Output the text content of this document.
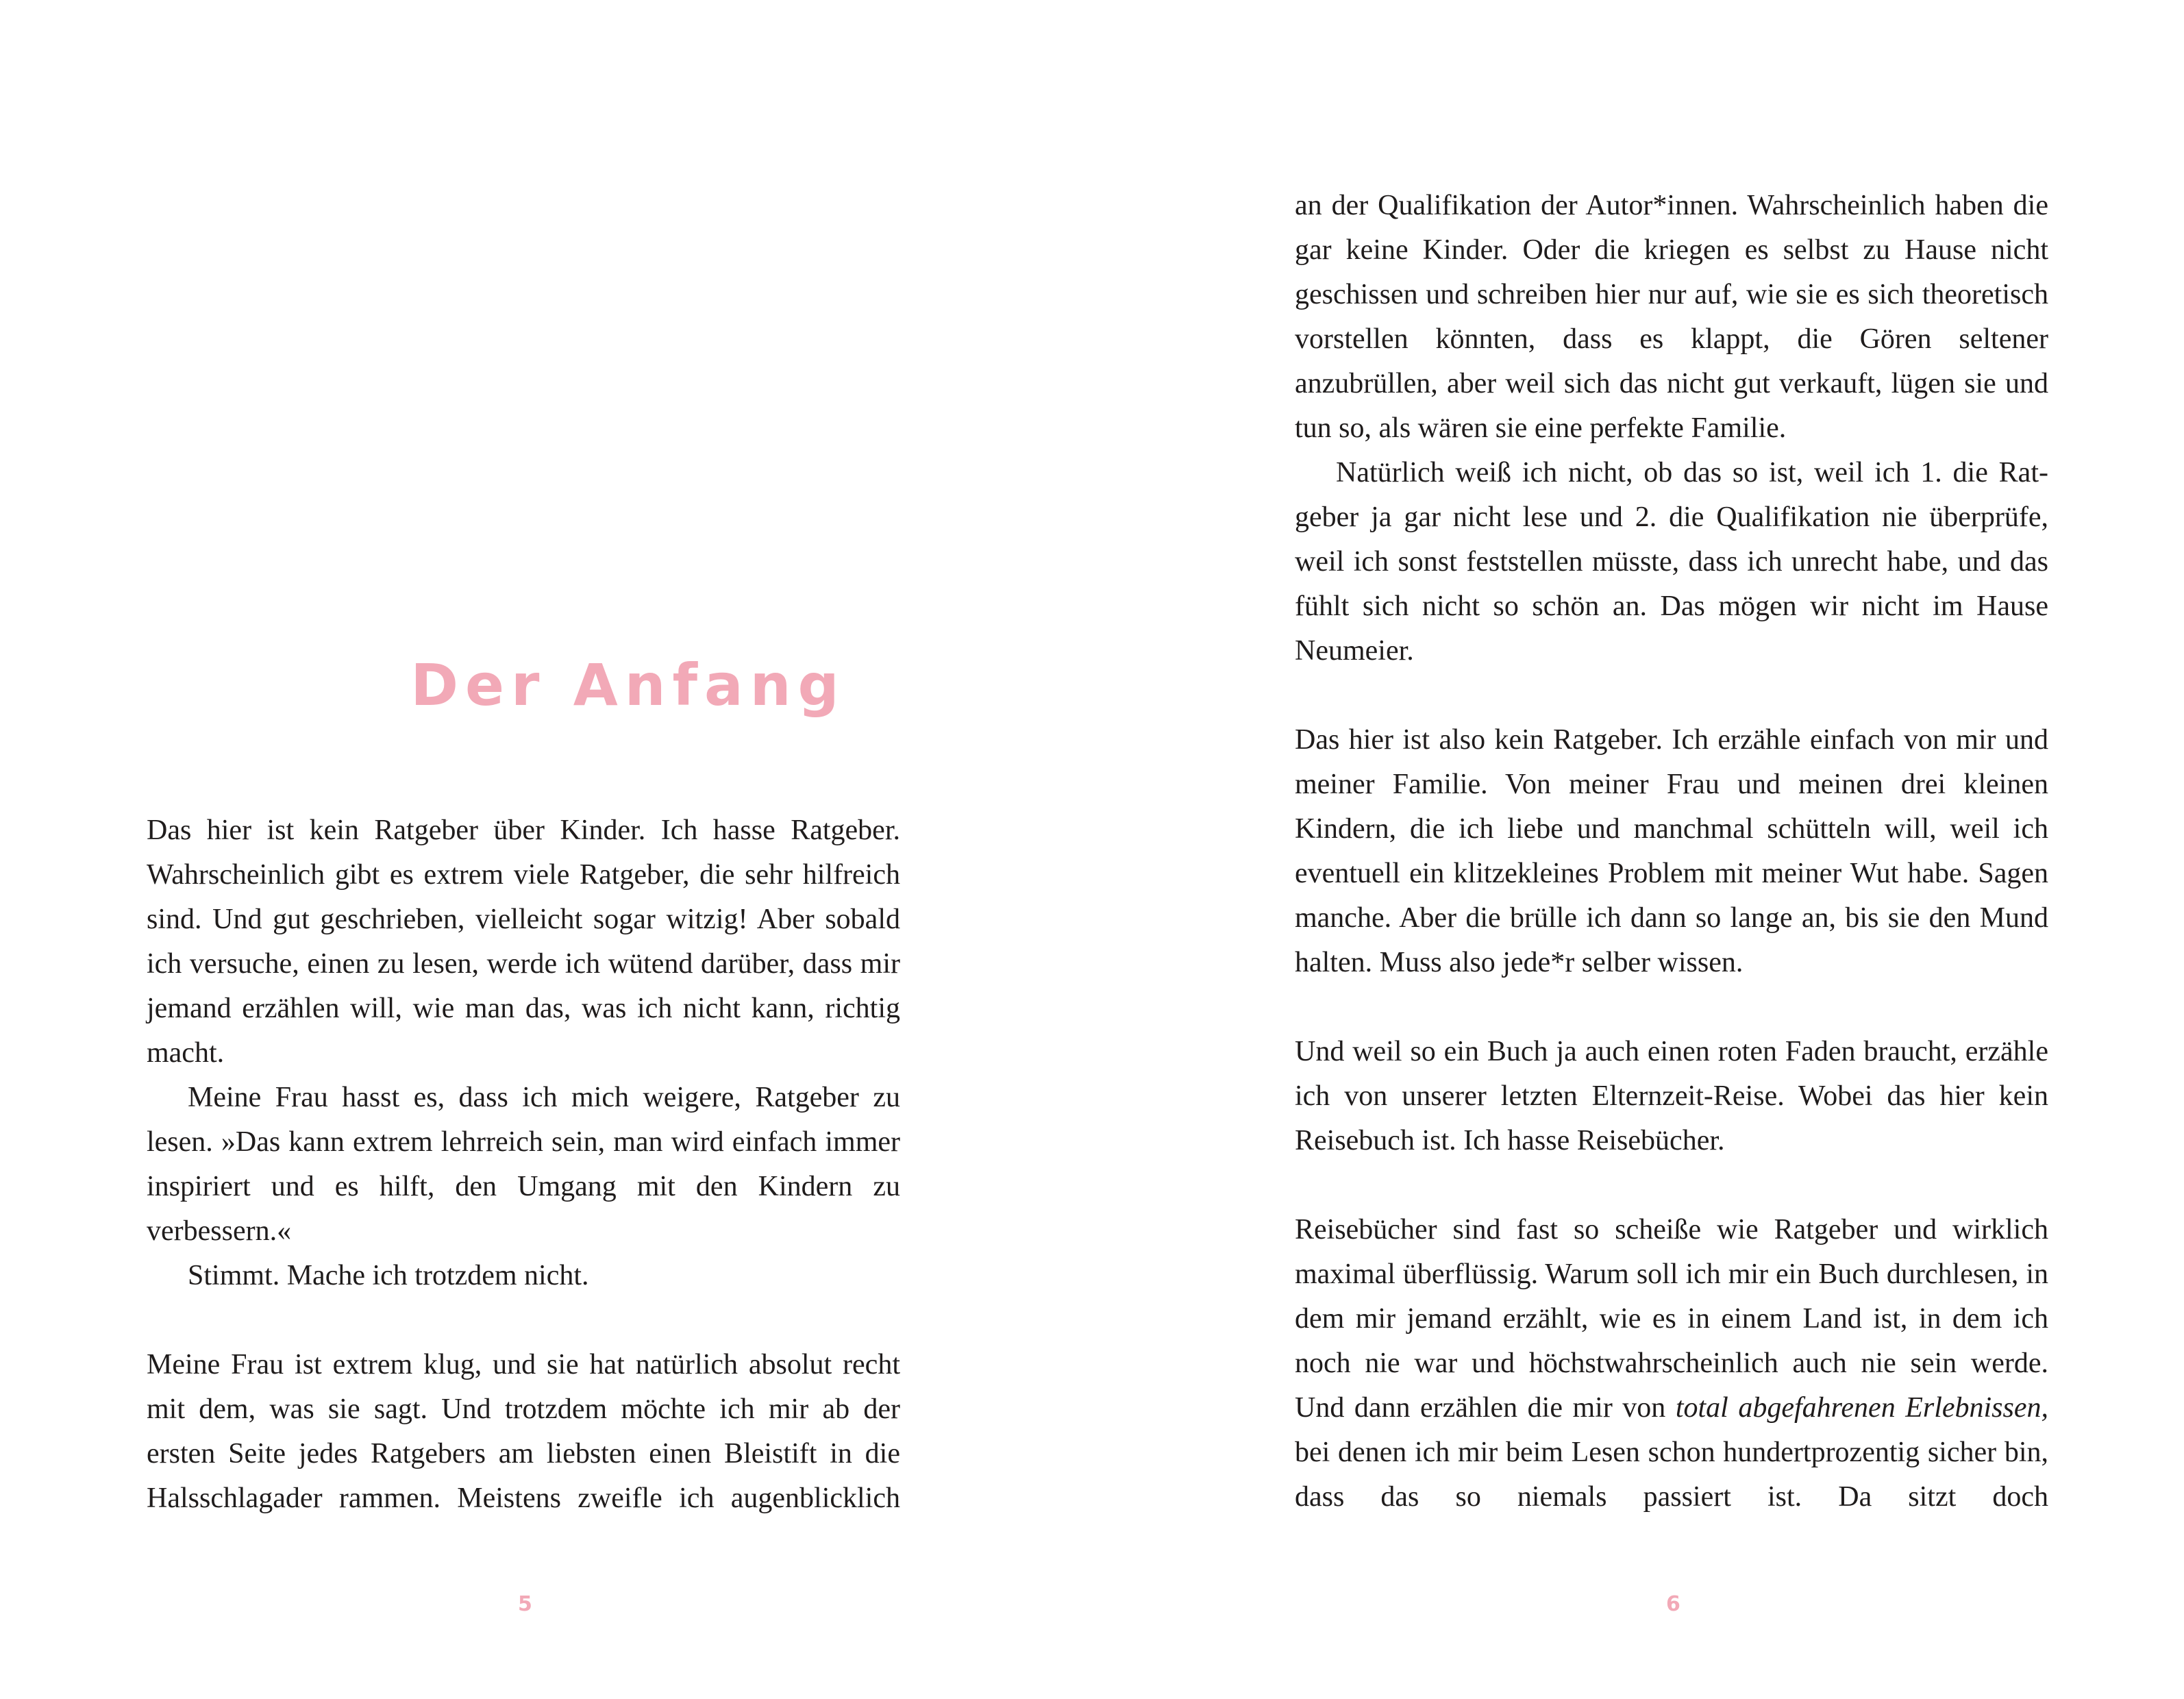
Der Anfang

Das hier ist kein Ratgeber über Kinder. Ich hasse Ratgeber. Wahrscheinlich gibt es extrem viele Ratgeber, die sehr hilfreich sind. Und gut geschrieben, vielleicht sogar witzig! Aber sobald ich versuche, einen zu lesen, werde ich wütend darüber, dass mir jemand erzählen will, wie man das, was ich nicht kann, richtig macht.

Meine Frau hasst es, dass ich mich weigere, Ratgeber zu lesen. »Das kann extrem lehrreich sein, man wird einfach immer inspiriert und es hilft, den Umgang mit den Kindern zu verbessern.«

Stimmt. Mache ich trotzdem nicht.

Meine Frau ist extrem klug, und sie hat natürlich absolut recht mit dem, was sie sagt. Und trotzdem möchte ich mir ab der ersten Seite jedes Ratgebers am liebsten einen Bleistift in die Halsschlagader rammen. Meistens zweifle ich augenblicklich

5

an der Qualifikation der Autor*innen. Wahrscheinlich haben die gar keine Kinder. Oder die kriegen es selbst zu Hause nicht geschissen und schreiben hier nur auf, wie sie es sich theoretisch vorstellen könnten, dass es klappt, die Gören seltener anzubrüllen, aber weil sich das nicht gut verkauft, lügen sie und tun so, als wären sie eine perfekte Familie.

Natürlich weiß ich nicht, ob das so ist, weil ich 1. die Ratgeber ja gar nicht lese und 2. die Qualifikation nie überprüfe, weil ich sonst feststellen müsste, dass ich unrecht habe, und das fühlt sich nicht so schön an. Das mögen wir nicht im Hause Neumeier.

Das hier ist also kein Ratgeber. Ich erzähle einfach von mir und meiner Familie. Von meiner Frau und meinen drei kleinen Kindern, die ich liebe und manchmal schütteln will, weil ich eventuell ein klitzekleines Problem mit meiner Wut habe. Sagen manche. Aber die brülle ich dann so lange an, bis sie den Mund halten. Muss also jede*r selber wissen.

Und weil so ein Buch ja auch einen roten Faden braucht, erzähle ich von unserer letzten Elternzeit-Reise. Wobei das hier kein Reisebuch ist. Ich hasse Reisebücher.

Reisebücher sind fast so scheiße wie Ratgeber und wirklich maximal überflüssig. Warum soll ich mir ein Buch durchlesen, in dem mir jemand erzählt, wie es in einem Land ist, in dem ich noch nie war und höchstwahrscheinlich auch nie sein werde. Und dann erzählen die mir von total abgefahrenen Erlebnissen, bei denen ich mir beim Lesen schon hundertprozentig sicher bin, dass das so niemals passiert ist. Da sitzt doch

6
